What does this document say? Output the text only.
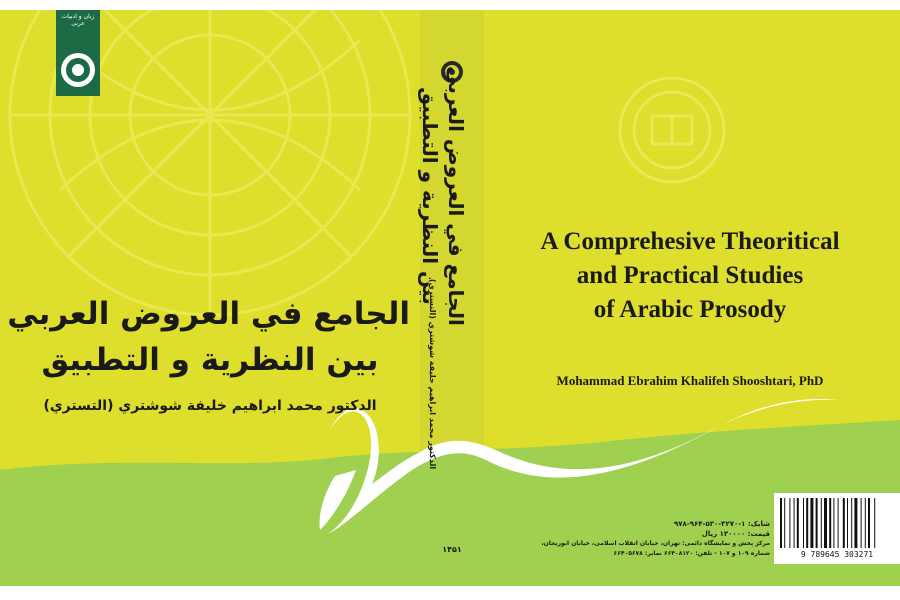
زبان و ادبیات عربی
الجامع في العروض العربي
بين النظرية و التطبيق
الدكتور محمد ابراهيم خليفة شوشتري (التستري)
الجامع في العروض العربي
بين النظرية و التطبيق
الدكتور محمد ابراهيم خليفة شوشتري (التستري)
۱۴۵۱
A Comprehesive Theoritical
and Practical Studies
of Arabic Prosody
Mohammad Ebrahim Khalifeh Shooshtari, PhD
شابک: ۱-۳۲۷۰-۵۳۰-۹۶۴-۹۷۸
قیمت: ۱۳۰۰۰۰ ریال
مرکز پخش و نمایشگاه دائمی: تهران، خیابان انقلاب اسلامی، خیابان ابوریحان،
شماره ۱۰۹ و ۱۰۷ - تلفن: ۶۶۴۰۸۱۲۰ نمابر: ۶۶۴۰۵۶۷۸	9 789645 303271
